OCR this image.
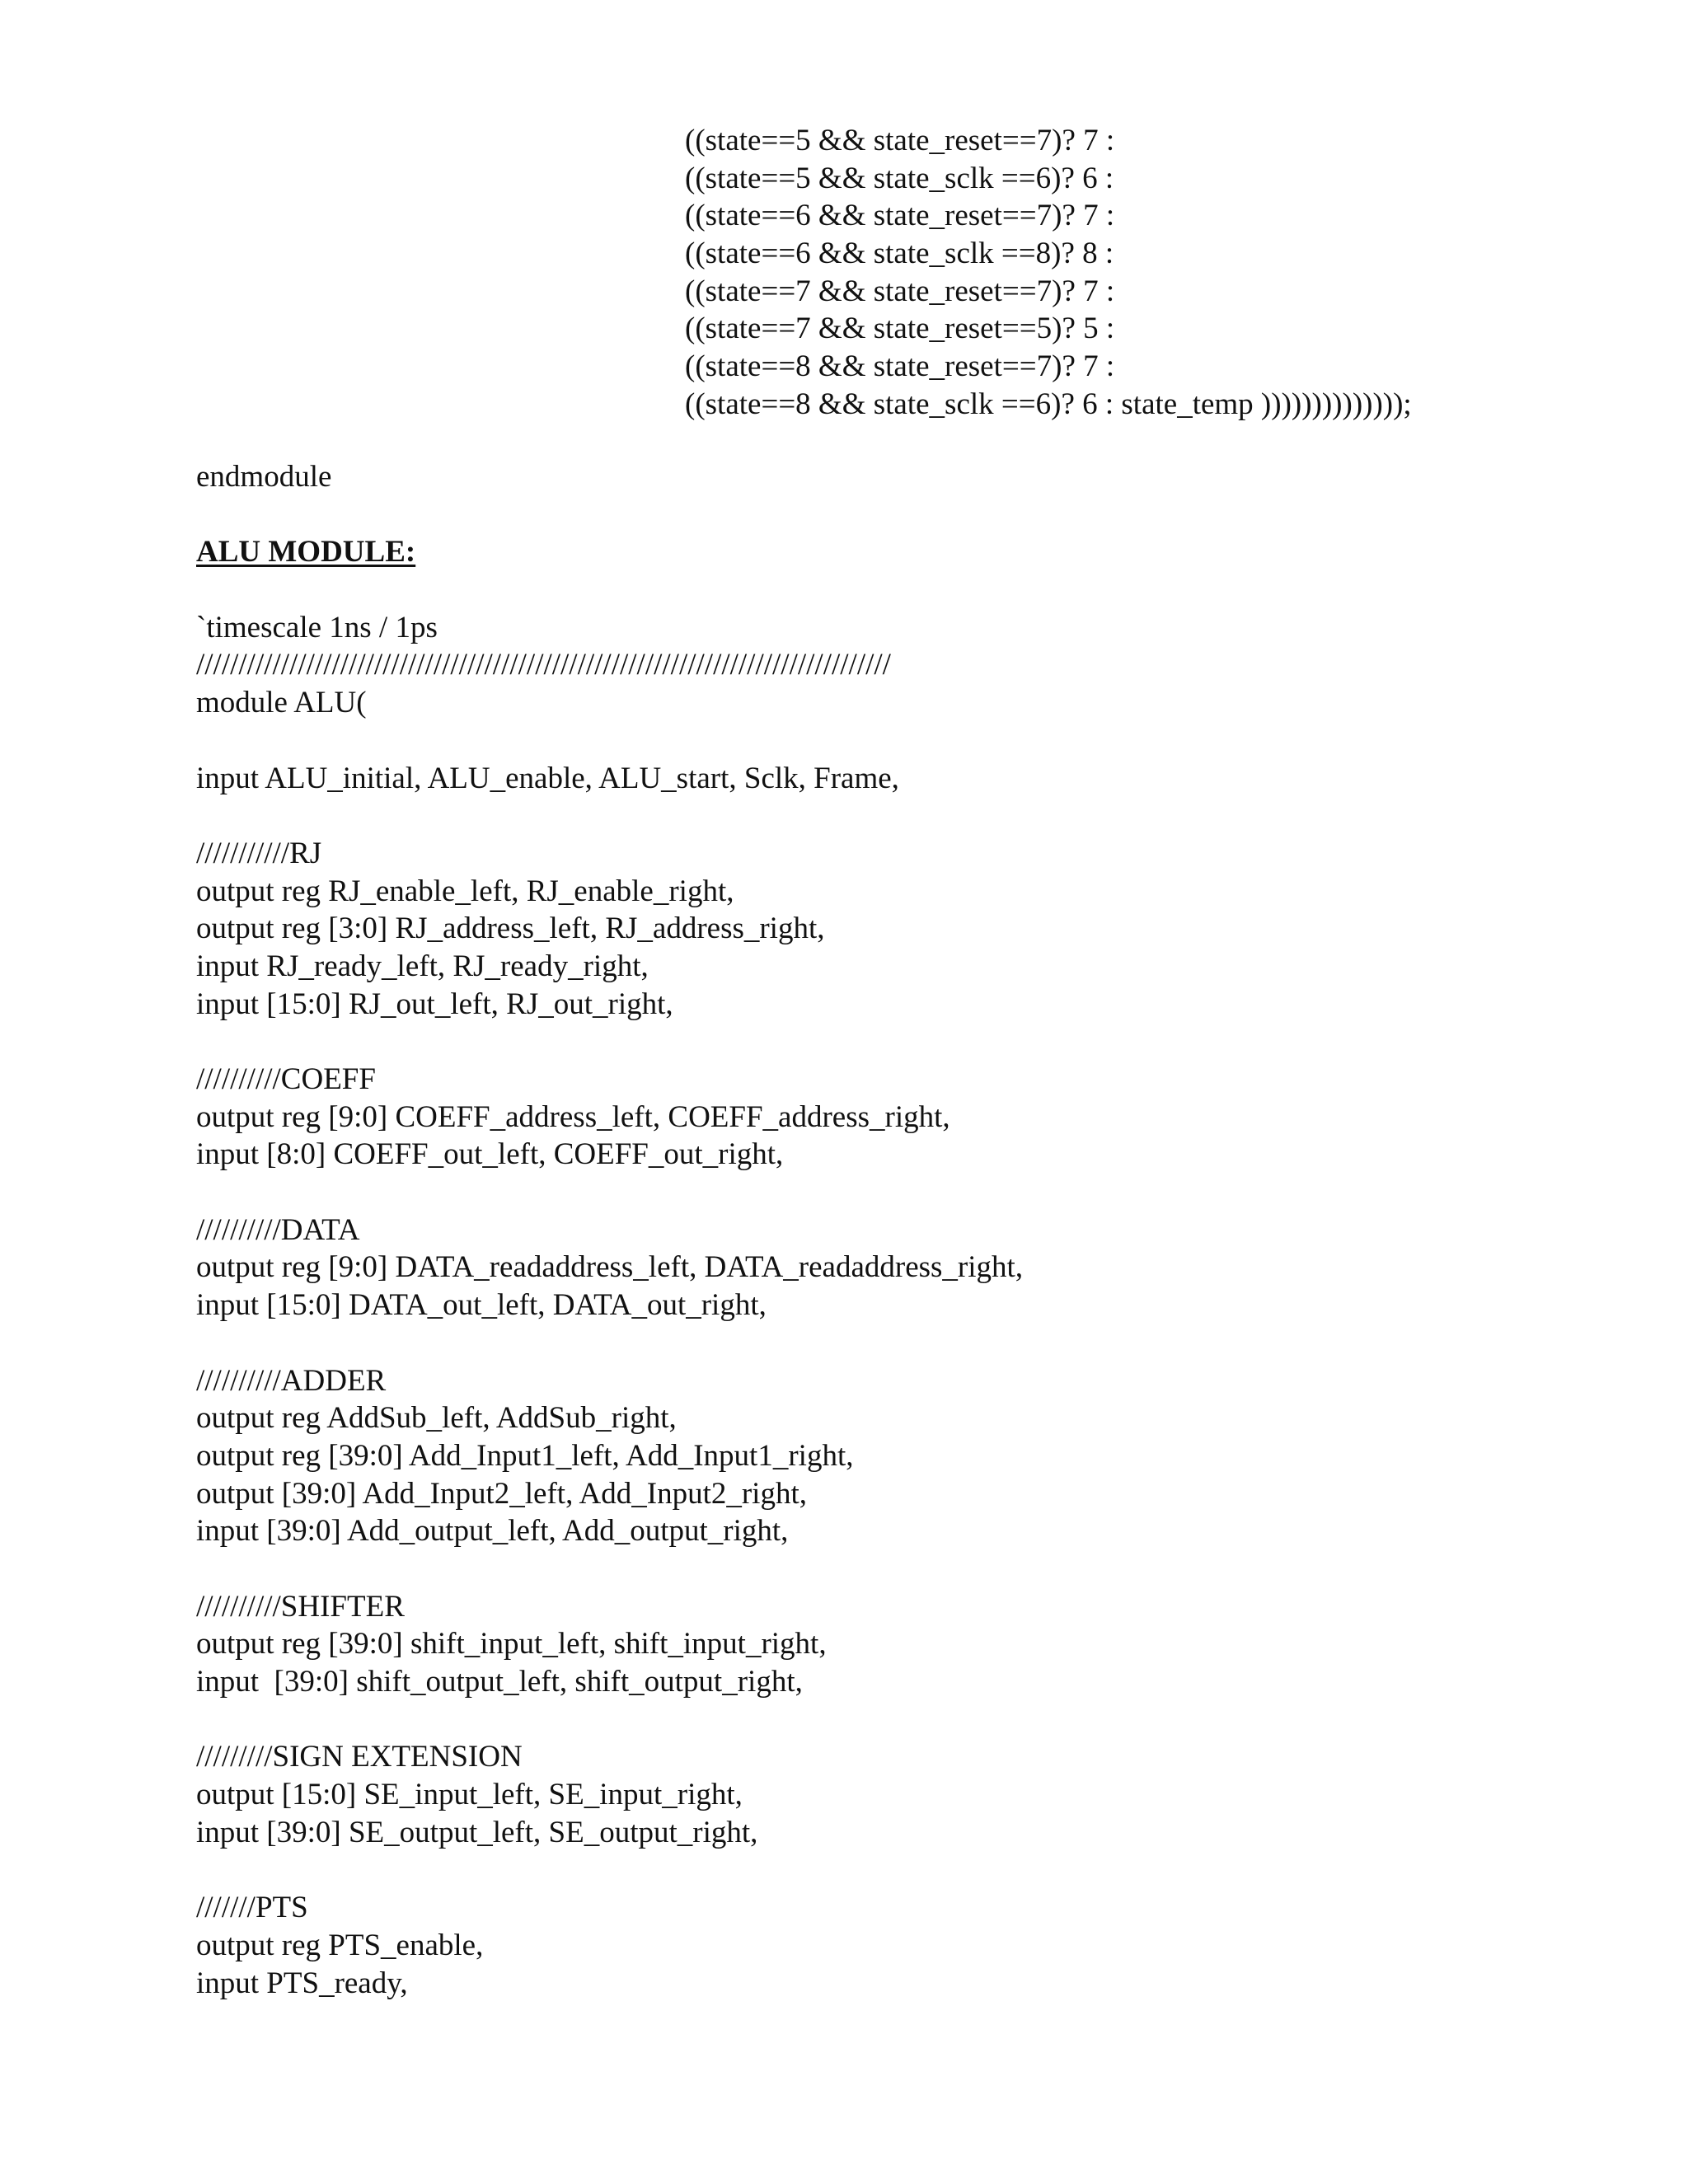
((state==5 && state_reset==7)? 7 :
((state==5 && state_sclk ==6)? 6 :
((state==6 && state_reset==7)? 7 :
((state==6 && state_sclk ==8)? 8 :
((state==7 && state_reset==7)? 7 :
((state==7 && state_reset==5)? 5 :
((state==8 && state_reset==7)? 7 :
((state==8 && state_sclk ==6)? 6 : state_temp ))))))))))))));
endmodule
ALU MODULE:
`timescale 1ns / 1ps
//////////////////////////////////////////////////////////////////////////////////
module ALU(
input ALU_initial, ALU_enable, ALU_start, Sclk, Frame,
///////////RJ
output reg RJ_enable_left, RJ_enable_right,
output reg [3:0] RJ_address_left, RJ_address_right,
input RJ_ready_left, RJ_ready_right,
input [15:0] RJ_out_left, RJ_out_right,
//////////COEFF
output reg [9:0] COEFF_address_left, COEFF_address_right,
input [8:0] COEFF_out_left, COEFF_out_right,
//////////DATA
output reg [9:0] DATA_readaddress_left, DATA_readaddress_right,
input [15:0] DATA_out_left, DATA_out_right,
//////////ADDER
output reg AddSub_left, AddSub_right,
output reg [39:0] Add_Input1_left, Add_Input1_right,
output [39:0] Add_Input2_left, Add_Input2_right,
input [39:0] Add_output_left, Add_output_right,
//////////SHIFTER
output reg [39:0] shift_input_left, shift_input_right,
input  [39:0] shift_output_left, shift_output_right,
/////////SIGN EXTENSION
output [15:0] SE_input_left, SE_input_right,
input [39:0] SE_output_left, SE_output_right,
///////PTS
output reg PTS_enable,
input PTS_ready,
